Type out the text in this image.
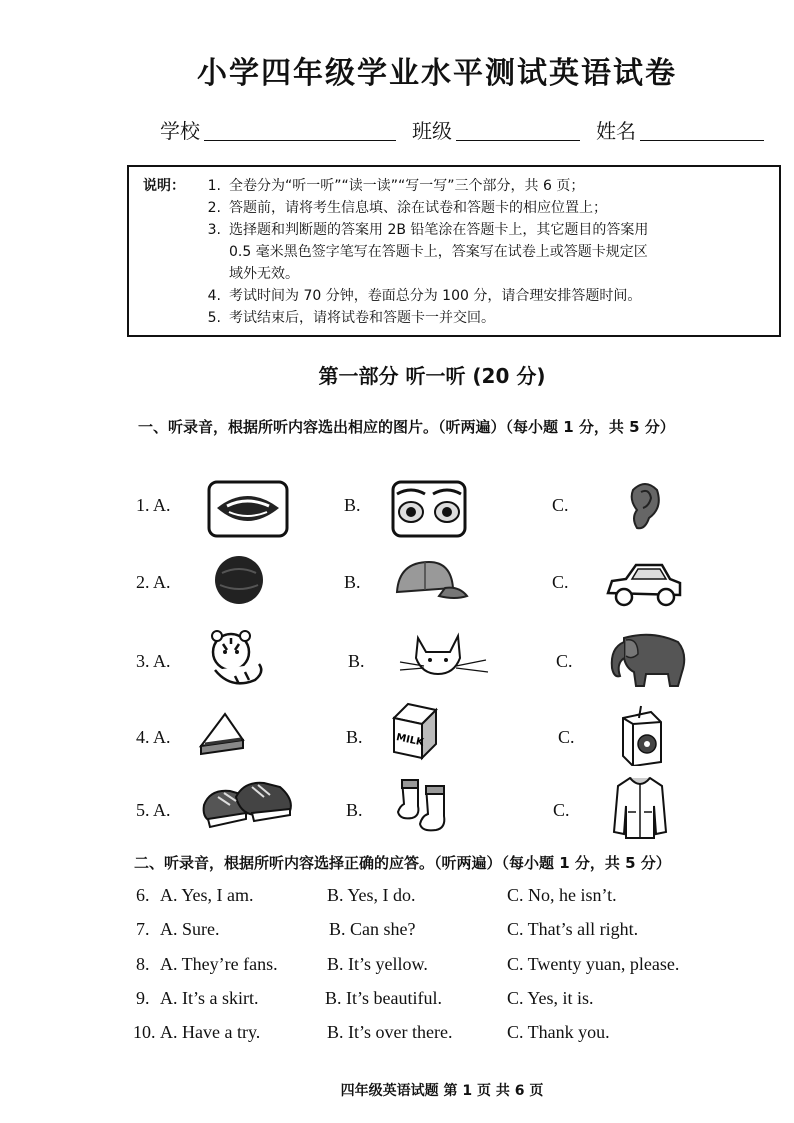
小学四年级学业水平测试英语试卷
学校	班级	姓名
说明：	1. 全卷分为“听一听”“读一读”“写一写”三个部分，共 6 页；
2. 答题前，请将考生信息填、涂在试卷和答题卡的相应位置上；
3. 选择题和判断题的答案用 2B 铅笔涂在答题卡上，其它题目的答案用
0.5 毫米黑色签字笔写在答题卡上，答案写在试卷上或答题卡规定区
域外无效。
4. 考试时间为 70 分钟，卷面总分为 100 分，请合理安排答题时间。
5. 考试结束后，请将试卷和答题卡一并交回。
第一部分 听一听 (20 分)
一、听录音，根据所听内容选出相应的图片。（听两遍）（每小题 1 分，共 5 分）
1. A.	B.	C.
2. A.	B.	C.
3. A.	B.	C.
4. A.	B.	C.
MILK
5. A.	B.	C.
二、听录音，根据所听内容选择正确的应答。（听两遍）（每小题 1 分，共 5 分）
6. A. Yes, I am.	B. Yes, I do.	C. No, he isn’t.
7. A. Sure.	B. Can she?	C. That’s all right.
8. A. They’re fans.	B. It’s yellow.	C. Twenty yuan, please.
9. A. It’s a skirt.	B. It’s beautiful.	C. Yes, it is.
10. A. Have a try.	B. It’s over there.	C. Thank you.
四年级英语试题 第 1 页 共 6 页
